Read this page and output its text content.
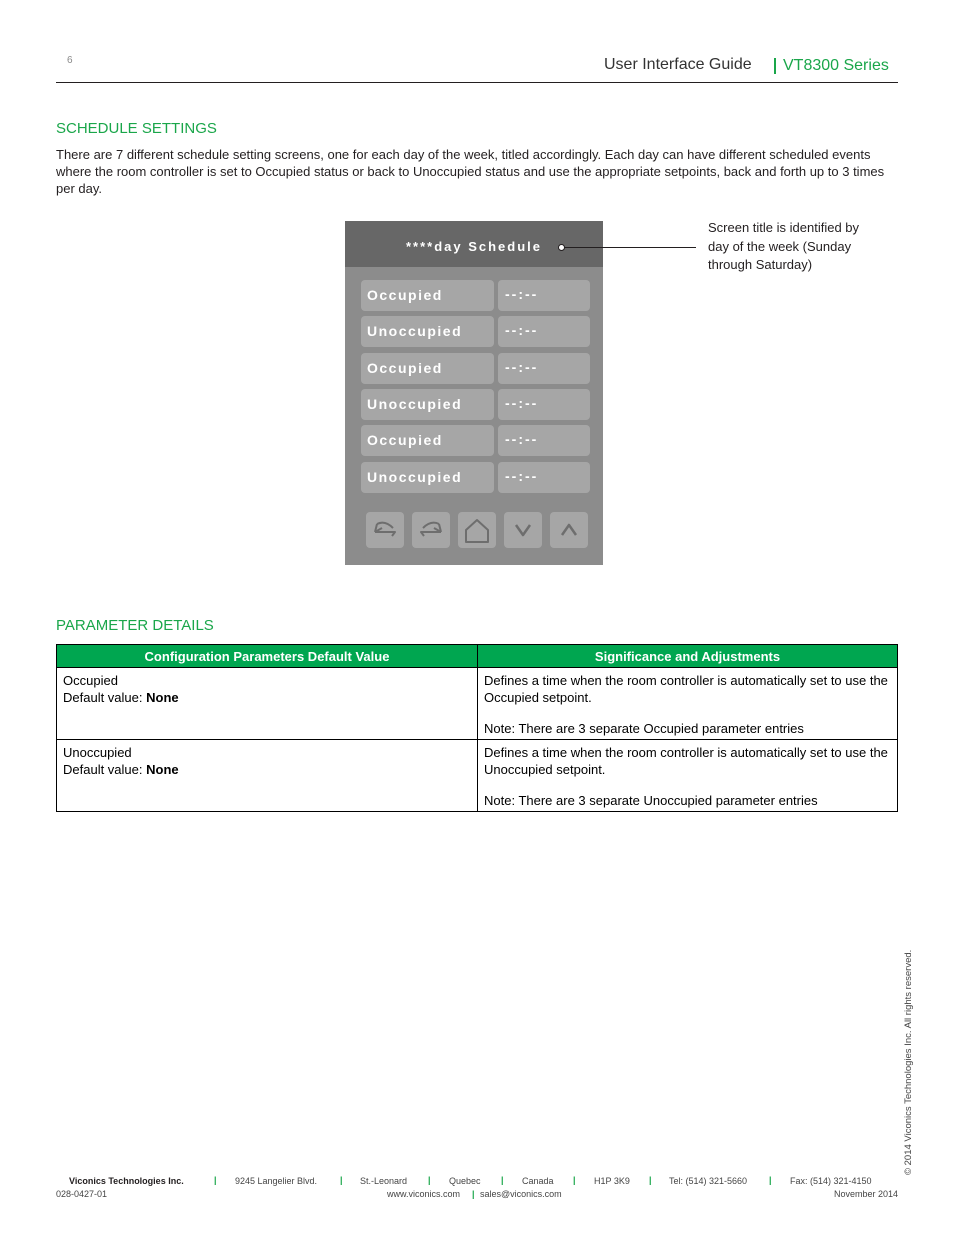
6	User Interface Guide VT8300 Series
SCHEDULE SETTINGS
There are 7 different schedule setting screens, one for each day of the week, titled accordingly. Each day can have different scheduled events where the room controller is set to Occupied status or back to Unoccupied status and use the appropriate setpoints, back and forth up to 3 times per day.
****day Schedule
Occupied	--:--
Unoccupied	--:--
Occupied	--:--
Unoccupied	--:--
Occupied	--:--
Unoccupied	--:--
Screen title is identified by day of the week (Sunday through Saturday)
PARAMETER DETAILS
Configuration Parameters Default Value	Significance and Adjustments
Occupied
Default value: None	Defines a time when the room controller is automatically set to use the Occupied setpoint.
Note: There are 3 separate Occupied parameter entries

Unoccupied
Default value: None	Defines a time when the room controller is automatically set to use the Unoccupied setpoint.
Note: There are 3 separate Unoccupied parameter entries
© 2014 Viconics Technologies Inc. All rights reserved.
Viconics Technologies Inc.	| 9245 Langelier Blvd.	| St.-Leonard | Quebec | Canada | H1P 3K9 | Tel: (514) 321-5660 | Fax: (514) 321-4150
028-0427-01	www.viconics.com | sales@viconics.com	November 2014
